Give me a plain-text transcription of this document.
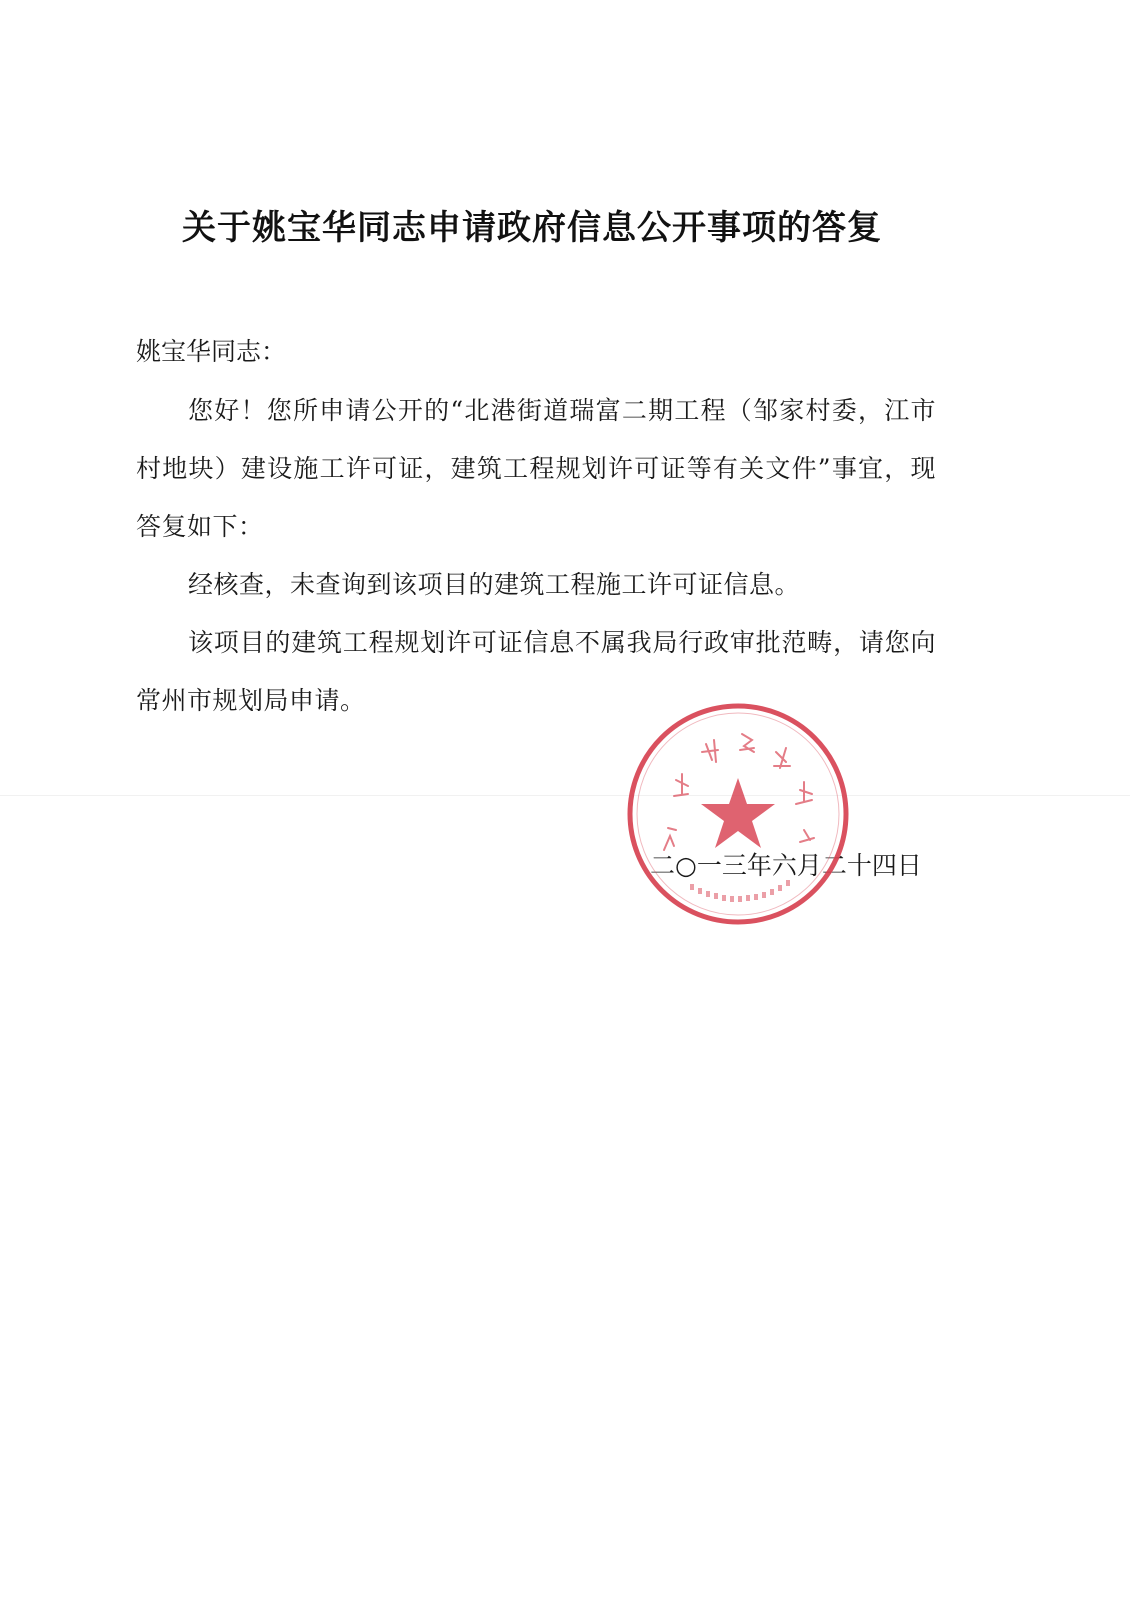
关于姚宝华同志申请政府信息公开事项的答复
姚宝华同志：

您好！您所申请公开的“北港街道瑞富二期工程（邹家村委，江市村地块）建设施工许可证，建筑工程规划许可证等有关文件”事宜，现答复如下：

经核查，未查询到该项目的建筑工程施工许可证信息。

该项目的建筑工程规划许可证信息不属我局行政审批范畴，请您向常州市规划局申请。

二○一三年六月二十四日
